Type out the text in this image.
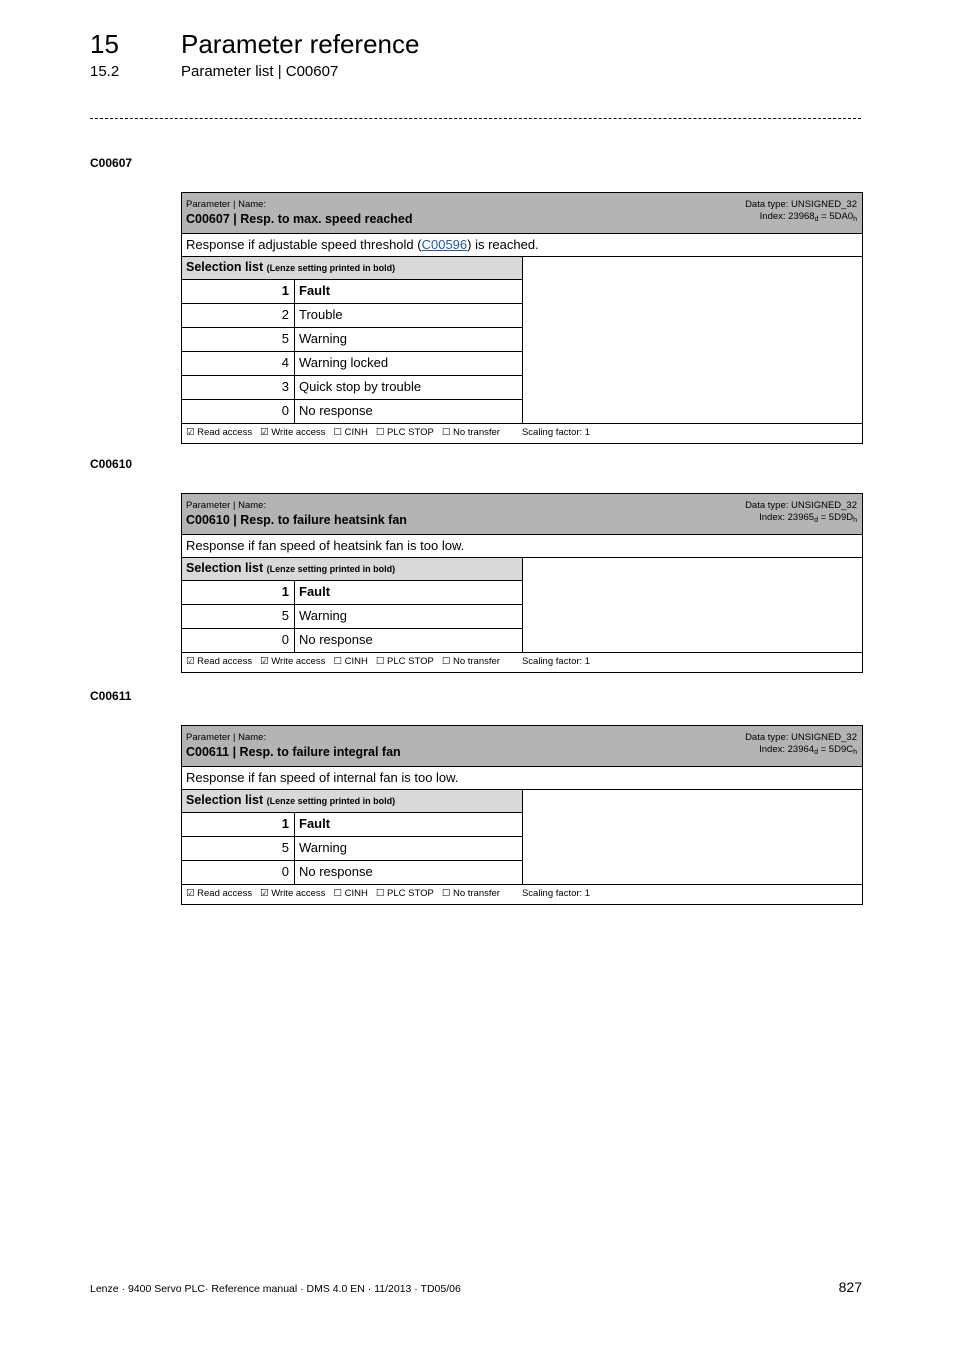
15 Parameter reference
15.2	Parameter list | C00607
C00607
Parameter | Name:
C00607 | Resp. to max. speed reached
Data type: UNSIGNED_32
Index: $23968_d = 5DA0_h$
Response if adjustable speed threshold (C00596) is reached.
Selection list (Lenze setting printed in bold)
1 Fault
2 Trouble
5 Warning
4 Warning locked
3 Quick stop by trouble
0 No response
☑ Read access ☑ Write access ☐ CINH ☐ PLC STOP ☐ No transfer Scaling factor: 1
C00610
Parameter | Name:
C00610 | Resp. to failure heatsink fan
Data type: UNSIGNED_32
Index: $23965_d = 5D9D_h$
Response if fan speed of heatsink fan is too low.
Selection list (Lenze setting printed in bold)
1 Fault
5 Warning
0 No response
☑ Read access ☑ Write access ☐ CINH ☐ PLC STOP ☐ No transfer Scaling factor: 1
C00611
Parameter | Name:
C00611 | Resp. to failure integral fan
Data type: UNSIGNED_32
Index: $23964_d = 5D9C_h$
Response if fan speed of internal fan is too low.
Selection list (Lenze setting printed in bold)
1 Fault
5 Warning
0 No response
☑ Read access ☑ Write access ☐ CINH ☐ PLC STOP ☐ No transfer Scaling factor: 1
Lenze · 9400 Servo PLC· Reference manual · DMS 4.0 EN · 11/2013 · TD05/06	827
